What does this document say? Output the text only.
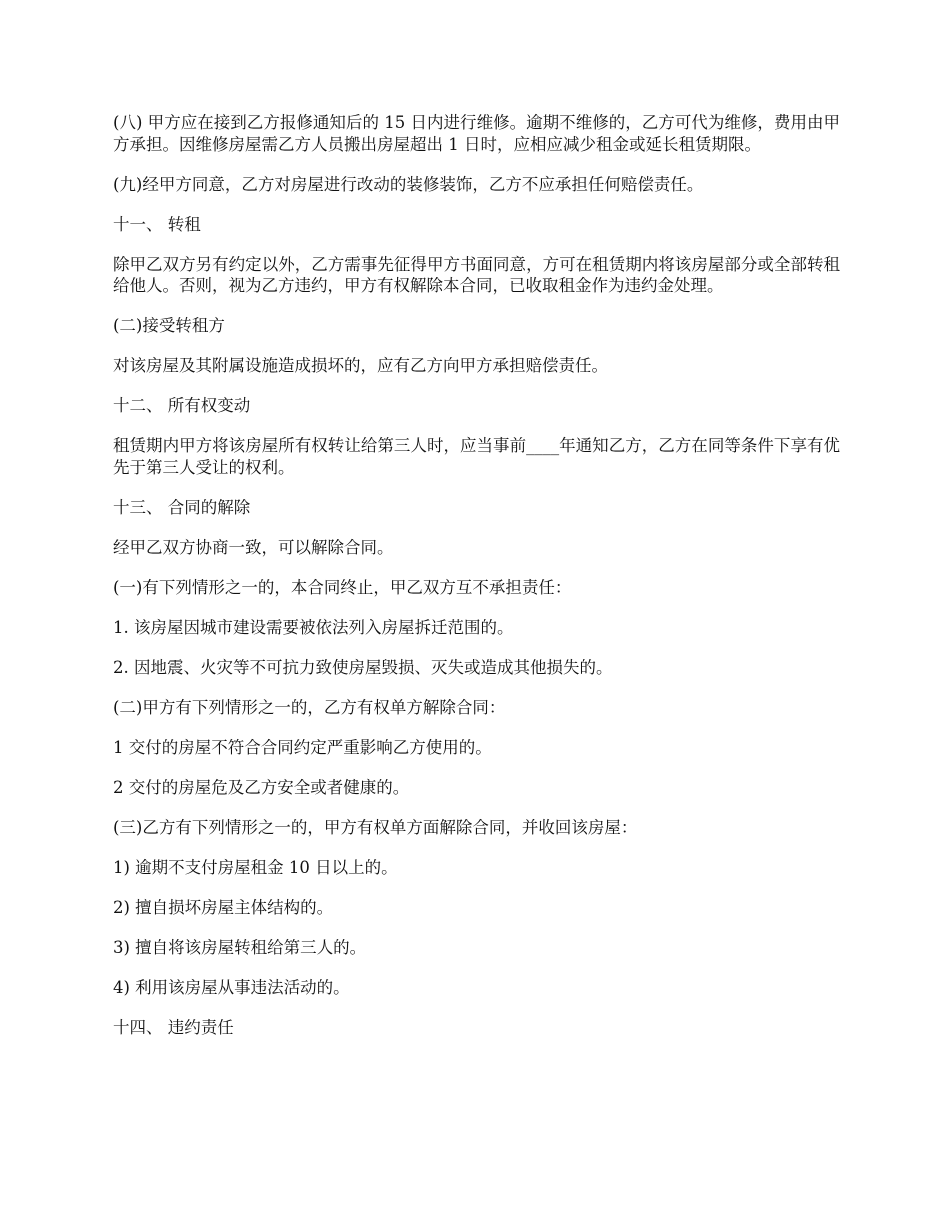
(八) 甲方应在接到乙方报修通知后的 15 日内进行维修。逾期不维修的，乙方可代为维修，费用由甲方承担。因维修房屋需乙方人员搬出房屋超出 1 日时，应相应减少租金或延长租赁期限。

(九)经甲方同意，乙方对房屋进行改动的装修装饰，乙方不应承担任何赔偿责任。

十一、 转租

除甲乙双方另有约定以外，乙方需事先征得甲方书面同意，方可在租赁期内将该房屋部分或全部转租给他人。否则，视为乙方违约，甲方有权解除本合同，已收取租金作为违约金处理。

(二)接受转租方

对该房屋及其附属设施造成损坏的，应有乙方向甲方承担赔偿责任。

十二、 所有权变动

租赁期内甲方将该房屋所有权转让给第三人时，应当事前____年通知乙方，乙方在同等条件下享有优先于第三人受让的权利。

十三、 合同的解除

经甲乙双方协商一致，可以解除合同。

(一)有下列情形之一的，本合同终止，甲乙双方互不承担责任：

1. 该房屋因城市建设需要被依法列入房屋拆迁范围的。

2. 因地震、火灾等不可抗力致使房屋毁损、灭失或造成其他损失的。

(二)甲方有下列情形之一的，乙方有权单方解除合同：

1 交付的房屋不符合合同约定严重影响乙方使用的。

2 交付的房屋危及乙方安全或者健康的。

(三)乙方有下列情形之一的，甲方有权单方面解除合同，并收回该房屋：

1) 逾期不支付房屋租金 10 日以上的。

2) 擅自损坏房屋主体结构的。

3) 擅自将该房屋转租给第三人的。

4) 利用该房屋从事违法活动的。

十四、 违约责任
